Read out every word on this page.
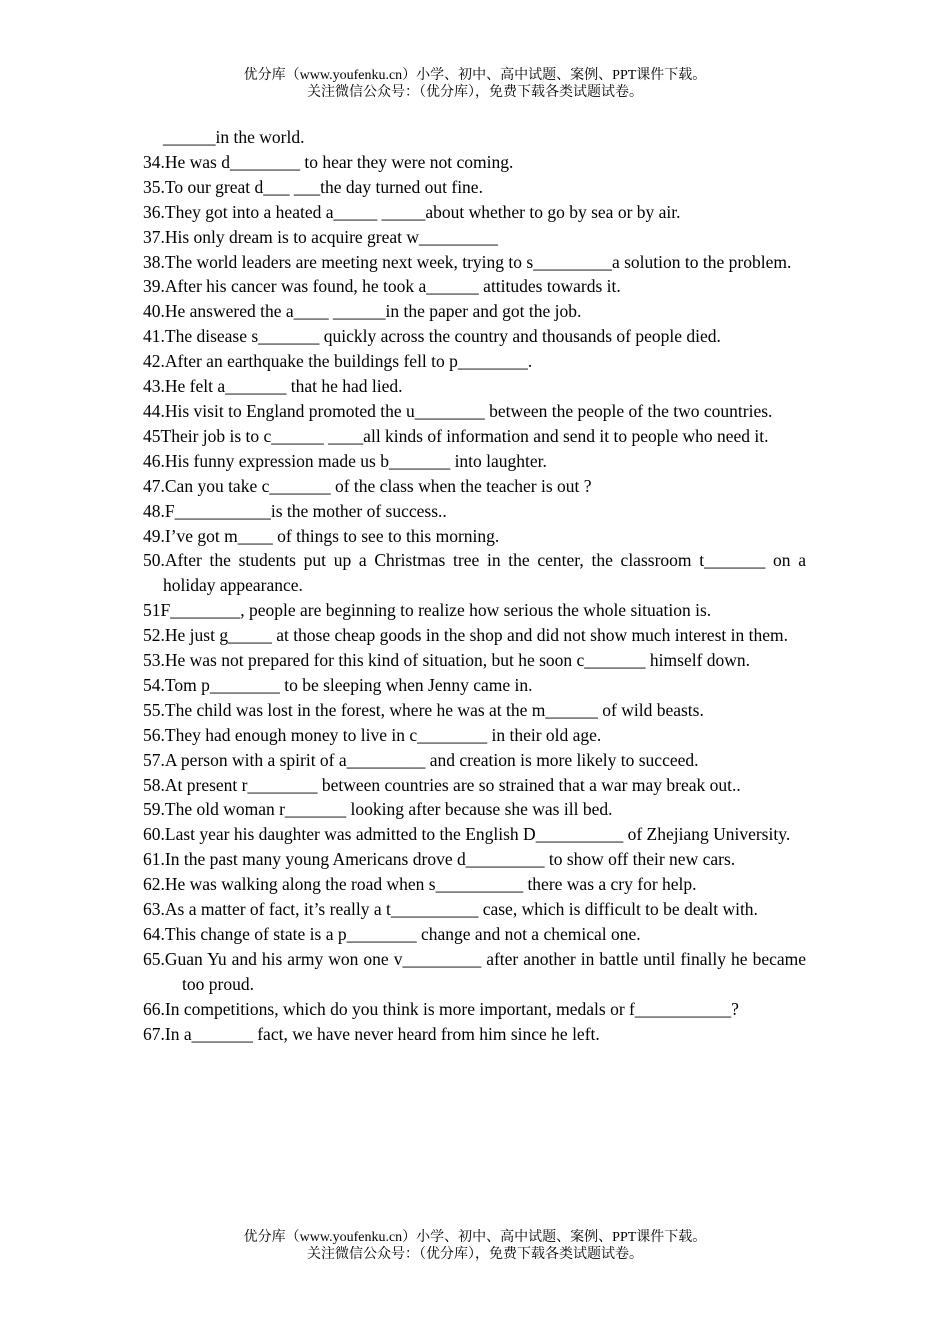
优分库（www.youfenku.cn）小学、初中、高中试题、案例、PPT课件下载。
关注微信公众号：（优分库），免费下载各类试题试卷。
______in the world.
34.He was d________ to hear they were not coming.
35.To our great d___ ___the day turned out fine.
36.They got into a heated a_____ _____about whether to go by sea or by air.
37.His only dream is to acquire great w_________
38.The world leaders are meeting next week, trying to s_________a solution to the problem.
39.After his cancer was found, he took a______ attitudes towards it.
40.He answered the a____ ______in the paper and got the job.
41.The disease s_______ quickly across the country and thousands of people died.
42.After an earthquake the buildings fell to p________.
43.He felt a_______ that he had lied.
44.His visit to England promoted the u________ between the people of the two countries.
45Their job is to c______ ____all kinds of information and send it to people who need it.
46.His funny expression made us b_______ into laughter.
47.Can you take c_______ of the class when the teacher is out ?
48.F___________is the mother of success..
49.I’ve got m____ of things to see to this morning.
50.After the students put up a Christmas tree in the center, the classroom t_______ on a holiday appearance.
51F________, people are beginning to realize how serious the whole situation is.
52.He just g_____ at those cheap goods in the shop and did not show much interest in them.
53.He was not prepared for this kind of situation, but he soon c_______ himself down.
54.Tom p________ to be sleeping when Jenny came in.
55.The child was lost in the forest, where he was at the m______ of wild beasts.
56.They had enough money to live in c________ in their old age.
57.A person with a spirit of a_________ and creation is more likely to succeed.
58.At present r________ between countries are so strained that a war may break out..
59.The old woman r_______ looking after because she was ill bed.
60.Last year his daughter was admitted to the English D__________ of Zhejiang University.
61.In the past many young Americans drove d_________ to show off their new cars.
62.He was walking along the road when s__________ there was a cry for help.
63.As a matter of fact, it’s really a t__________ case, which is difficult to be dealt with.
64.This change of state is a p________ change and not a chemical one.
65.Guan Yu and his army won one v_________ after another in battle until finally he became too proud.
66.In competitions, which do you think is more important, medals or f___________?
67.In a_______ fact, we have never heard from him since he left.
优分库（www.youfenku.cn）小学、初中、高中试题、案例、PPT课件下载。
关注微信公众号：（优分库），免费下载各类试题试卷。
